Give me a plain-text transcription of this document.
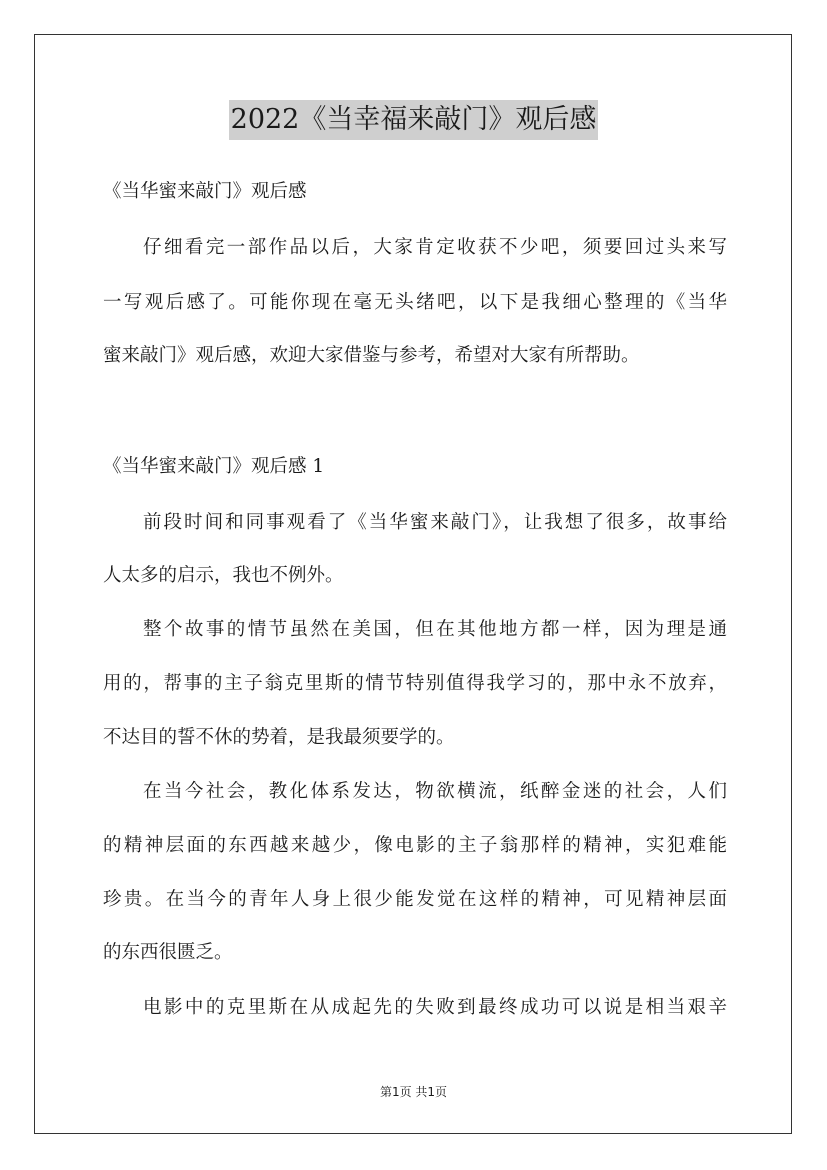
2022《当幸福来敲门》观后感
《当华蜜来敲门》观后感
仔细看完一部作品以后，大家肯定收获不少吧，须要回过头来写
一写观后感了。可能你现在毫无头绪吧，以下是我细心整理的《当华
蜜来敲门》观后感，欢迎大家借鉴与参考，希望对大家有所帮助。
《当华蜜来敲门》观后感 1
前段时间和同事观看了《当华蜜来敲门》，让我想了很多，故事给
人太多的启示，我也不例外。
整个故事的情节虽然在美国，但在其他地方都一样，因为理是通
用的，帮事的主子翁克里斯的情节特别值得我学习的，那中永不放弃，
不达目的誓不休的势着，是我最须要学的。
在当今社会，教化体系发达，物欲横流，纸醉金迷的社会，人们
的精神层面的东西越来越少，像电影的主子翁那样的精神，实犯难能
珍贵。在当今的青年人身上很少能发觉在这样的精神，可见精神层面
的东西很匮乏。
电影中的克里斯在从成起先的失败到最终成功可以说是相当艰辛
第1页 共1页
